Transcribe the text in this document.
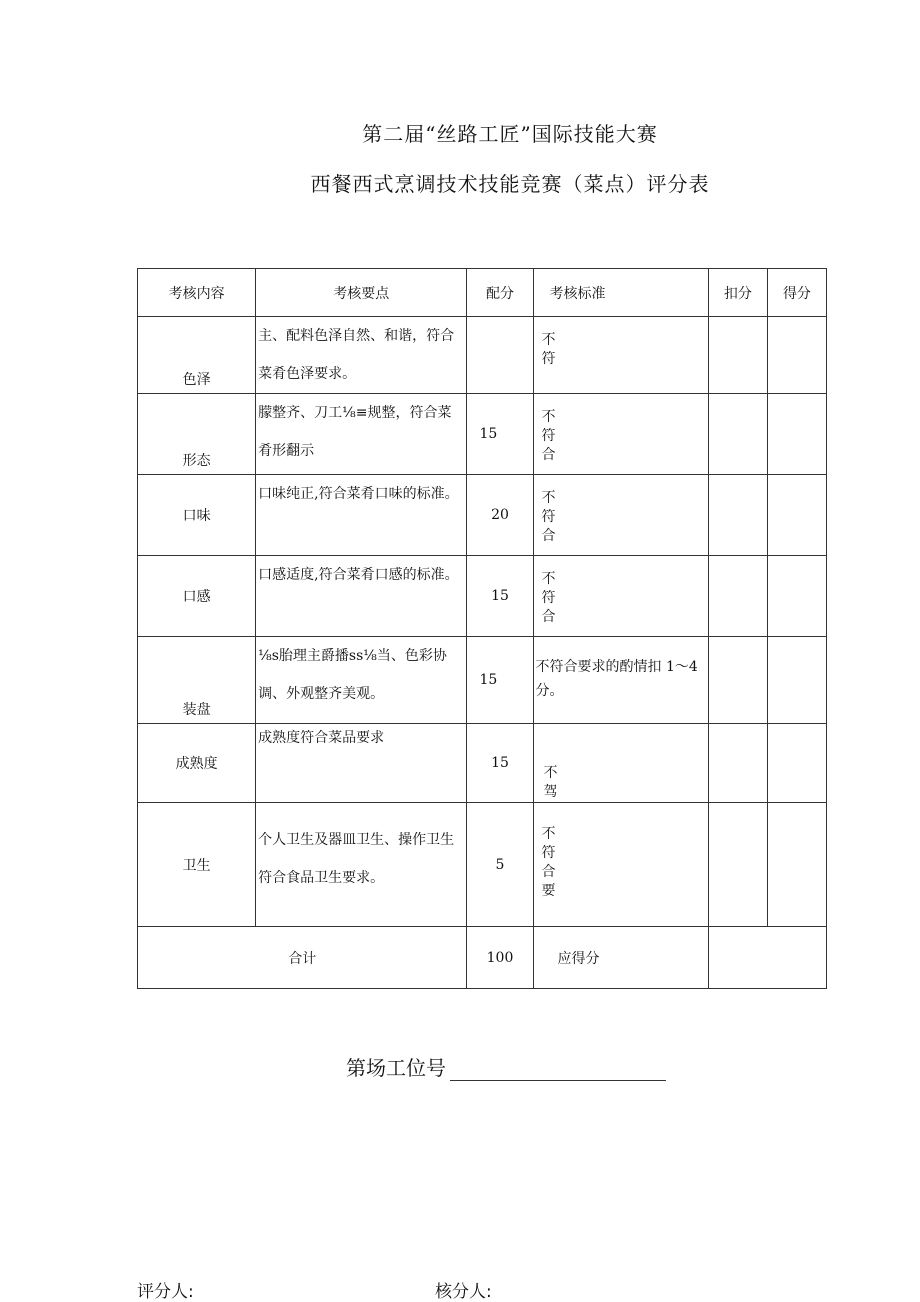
第二届“丝路工匠”国际技能大赛
西餐西式烹调技术技能竞赛（菜点）评分表
考核内容	考核要点	配分	考核标准	扣分	得分
色泽	主、配料色泽自然、和谐，符合菜肴色泽要求。		不符		

形态	朦整齐、刀工⅛≡规整，符合菜肴形翻示	15	不符合		

口味	口味纯正,符合菜肴口味的标准。	20	不符合		

口感	口感适度,符合菜肴口感的标准。	15	不符合		

装盘	⅛s胎理主爵播ss⅛当、色彩协调、外观整齐美观。	15	不符合要求的酌情扣 1～4 分。		
成熟度	成熟度符合菜品要求	15	不驾		

卫生	个人卫生及器皿卫生、操作卫生符合食品卫生要求。	5	不符合要		

合计		100	应得分		
第场工位号
评分人:	核分人:
